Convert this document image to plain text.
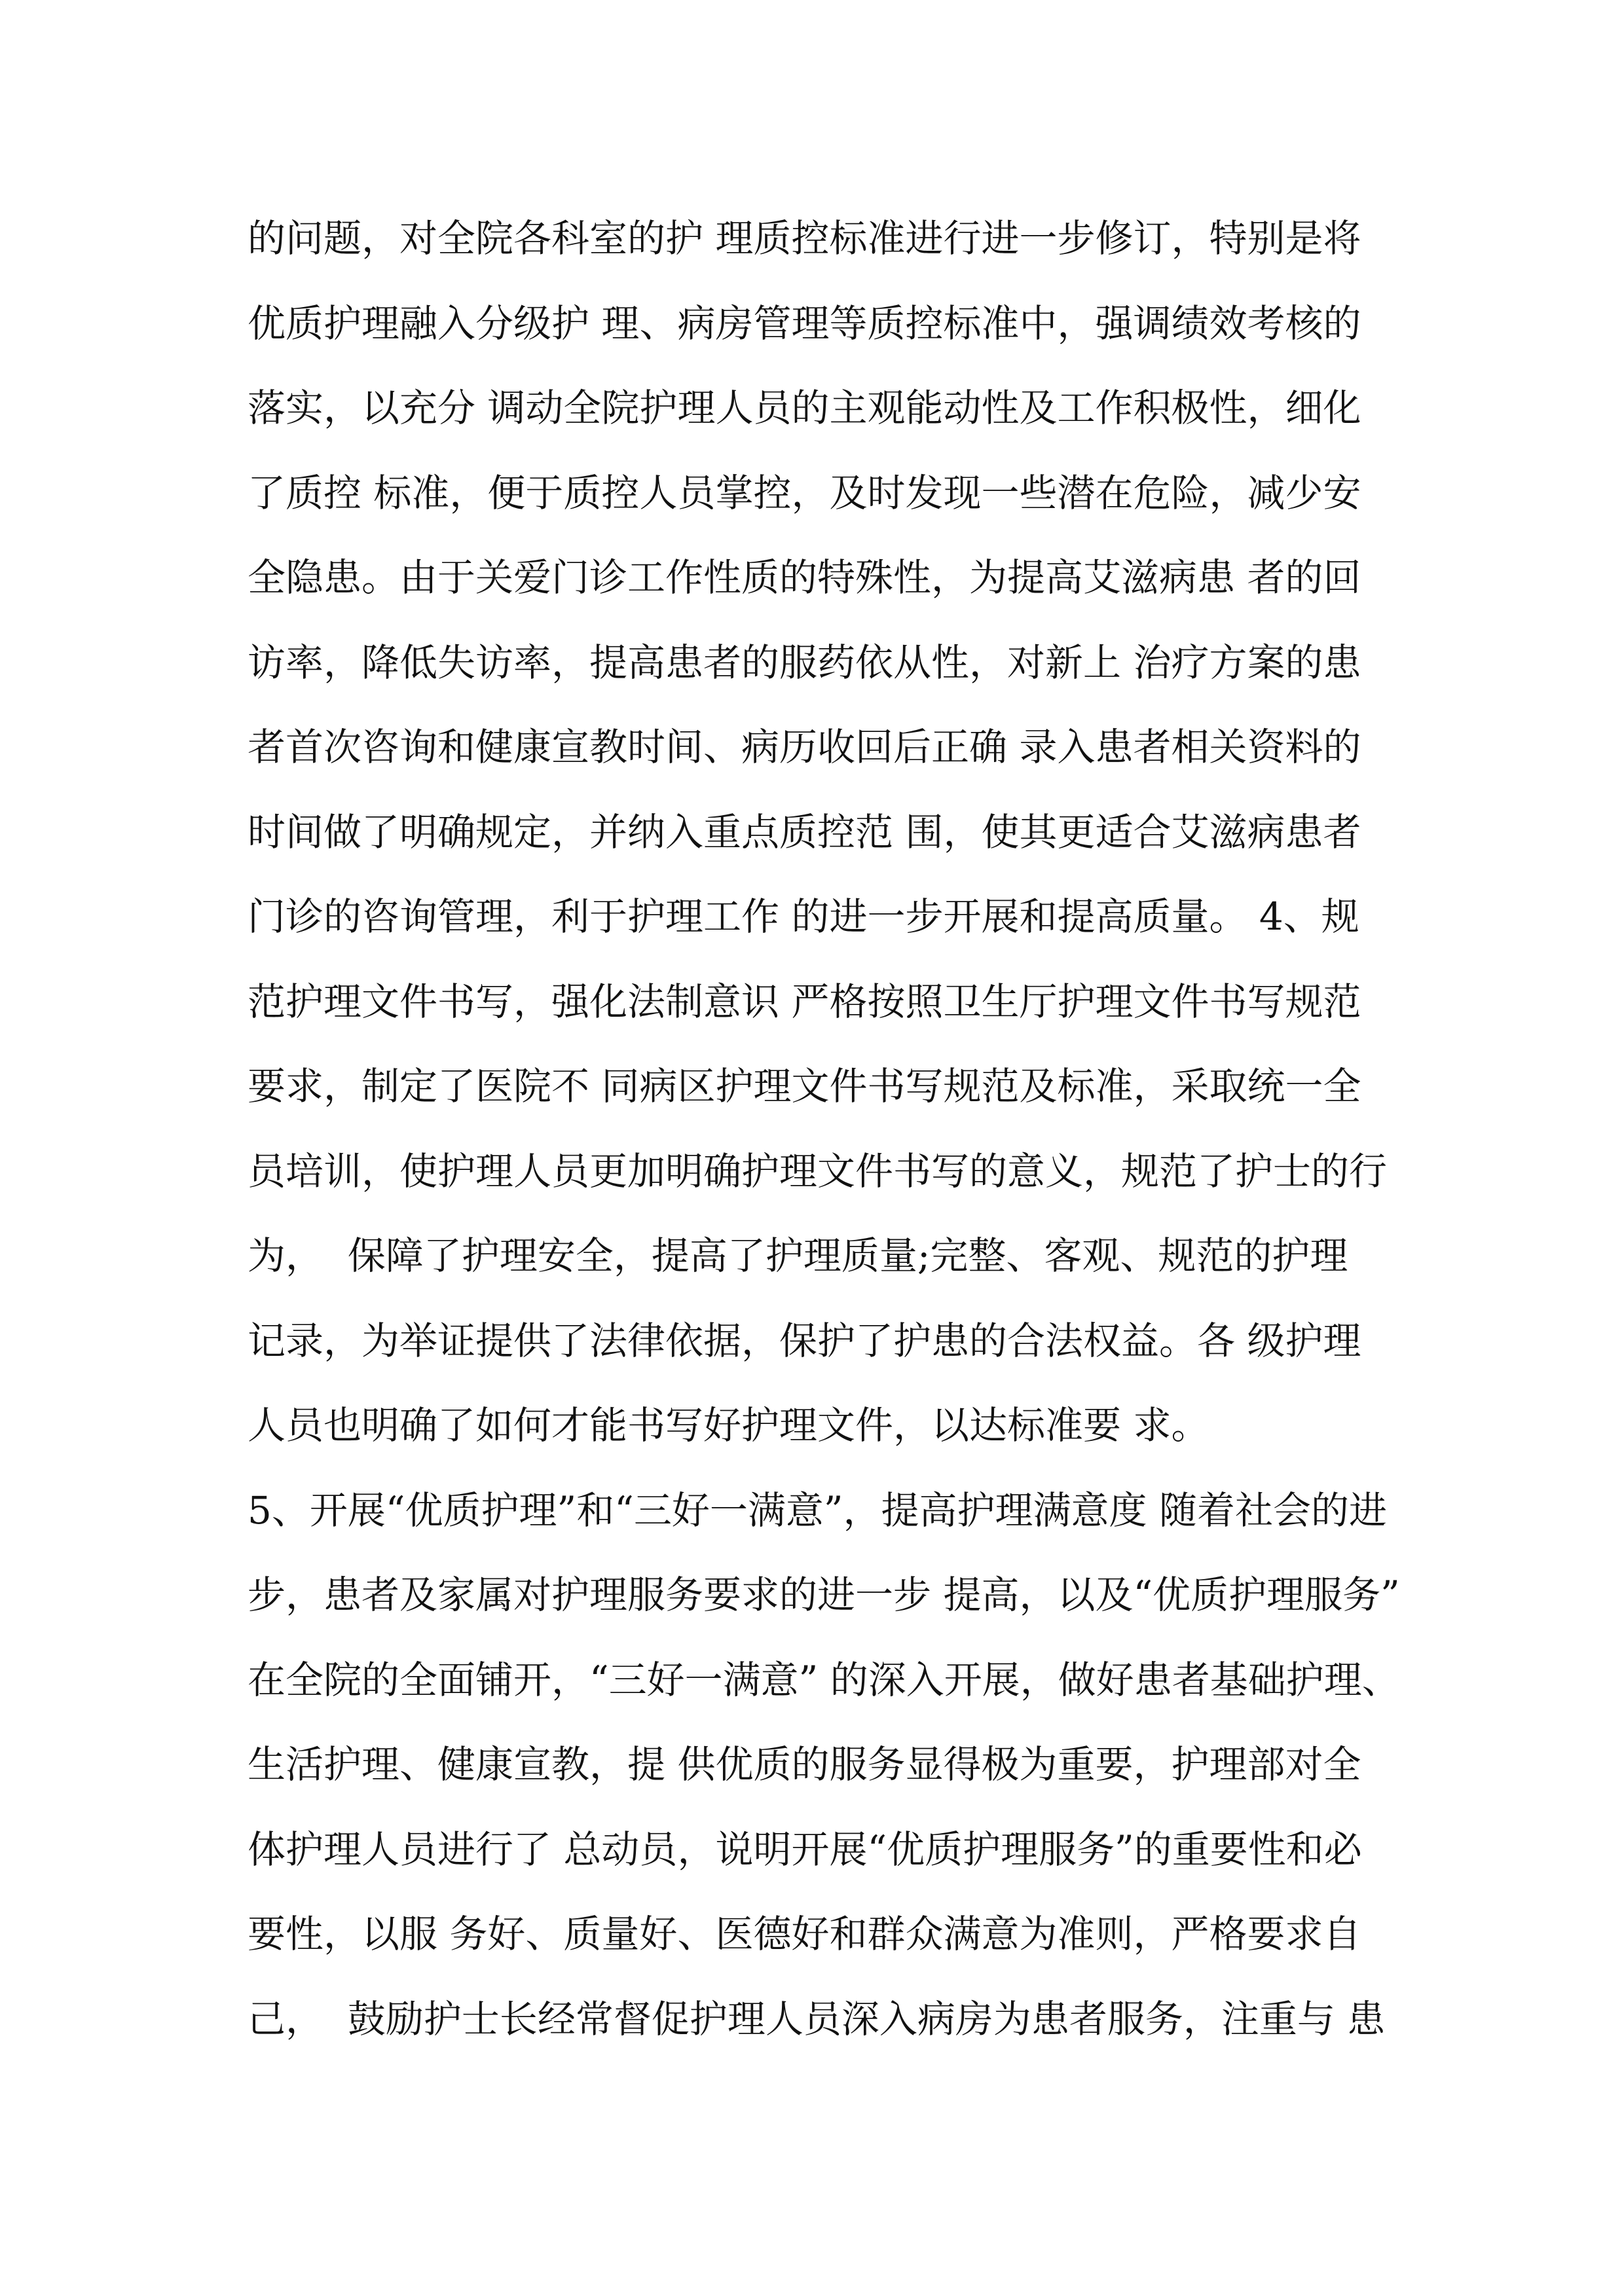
的问题，对全院各科室的护 理质控标准进行进一步修订，特别是将
优质护理融入分级护 理、病房管理等质控标准中，强调绩效考核的
落实，以充分 调动全院护理人员的主观能动性及工作积极性，细化
了质控 标准，便于质控人员掌控，及时发现一些潜在危险，减少安
全隐患。由于关爱门诊工作性质的特殊性，为提高艾滋病患 者的回
访率，降低失访率，提高患者的服药依从性，对新上 治疗方案的患
者首次咨询和健康宣教时间、病历收回后正确 录入患者相关资料的
时间做了明确规定，并纳入重点质控范 围，使其更适合艾滋病患者
门诊的咨询管理，利于护理工作 的进一步开展和提高质量。 4、规
范护理文件书写，强化法制意识 严格按照卫生厅护理文件书写规范
要求，制定了医院不 同病区护理文件书写规范及标准，采取统一全
员培训，使护理人员更加明确护理文件书写的意义，规范了护士的行
为，  保障了护理安全，提高了护理质量;完整、客观、规范的护理
记录，为举证提供了法律依据，保护了护患的合法权益。各 级护理
人员也明确了如何才能书写好护理文件，以达标准要 求。
5、开展“优质护理”和“三好一满意”，提高护理满意度 随着社会的进
步，患者及家属对护理服务要求的进一步 提高，以及“优质护理服务”
在全院的全面铺开，“三好一满意” 的深入开展，做好患者基础护理、
生活护理、健康宣教，提 供优质的服务显得极为重要，护理部对全
体护理人员进行了 总动员，说明开展“优质护理服务”的重要性和必
要性，以服 务好、质量好、医德好和群众满意为准则，严格要求自
己，  鼓励护士长经常督促护理人员深入病房为患者服务，注重与 患
